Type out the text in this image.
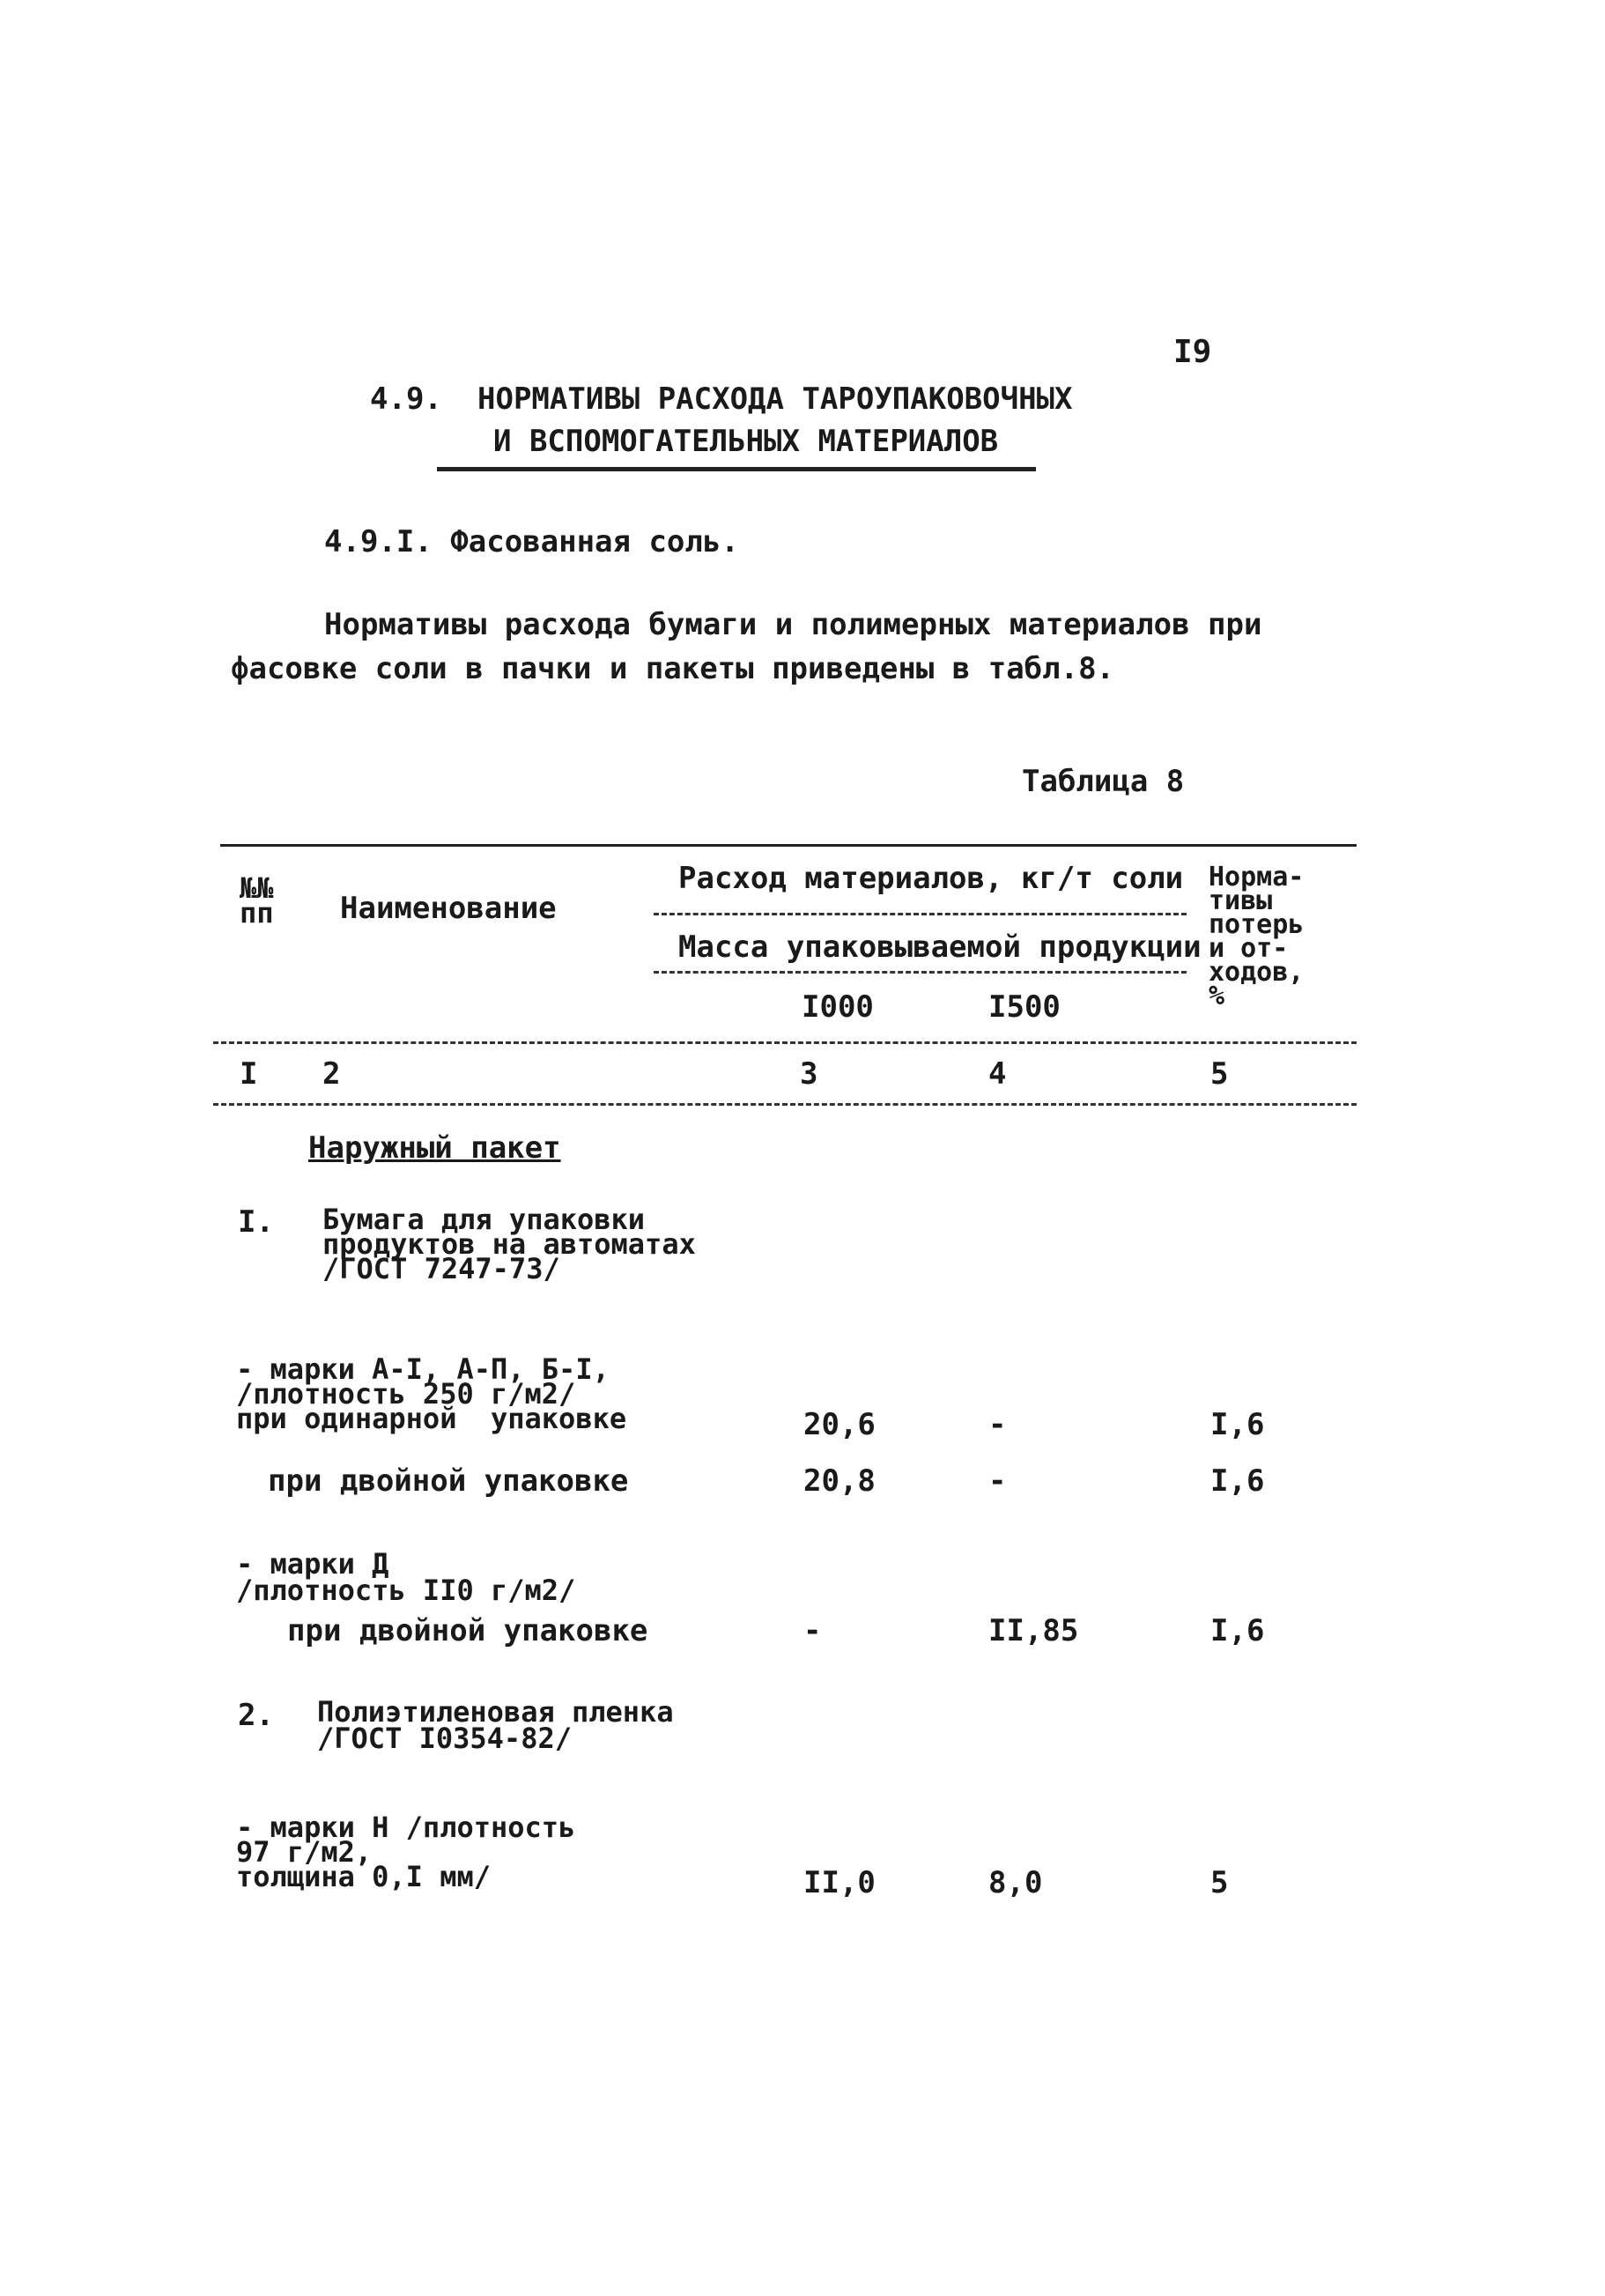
I9
4.9. НОРМАТИВЫ РАСХОДА ТАРОУПАКОВОЧНЫХ
И ВСПОМОГАТЕЛЬНЫХ МАТЕРИАЛОВ
4.9.I. Фасованная соль.
Нормативы расхода бумаги и полимерных материалов при
фасовке соли в пачки и пакеты приведены в табл.8.
Таблица 8
№№
пп Наименование
Расход материалов, кг/т соли
Масса упаковываемой продукции
I000	I500
Норма-
тивы
потерь
и от-
ходов,
%
I 2	3	4	5
Наружный пакет
I. Бумага для упаковки
продуктов на автоматах
/ГОСТ 7247-73/
- марки А-I, А-П, Б-I,
/плотность 250 г/м2/
при одинарной  упаковке	20,6	-	I,6
при двойной упаковке	20,8	-	I,6
- марки Д
/плотность II0 г/м2/
при двойной упаковке	-	II,85	I,6
2. Полиэтиленовая пленка
/ГОСТ I0354-82/
- марки Н /плотность
97 г/м2,
толщина 0,I мм/	II,0	8,0	5
